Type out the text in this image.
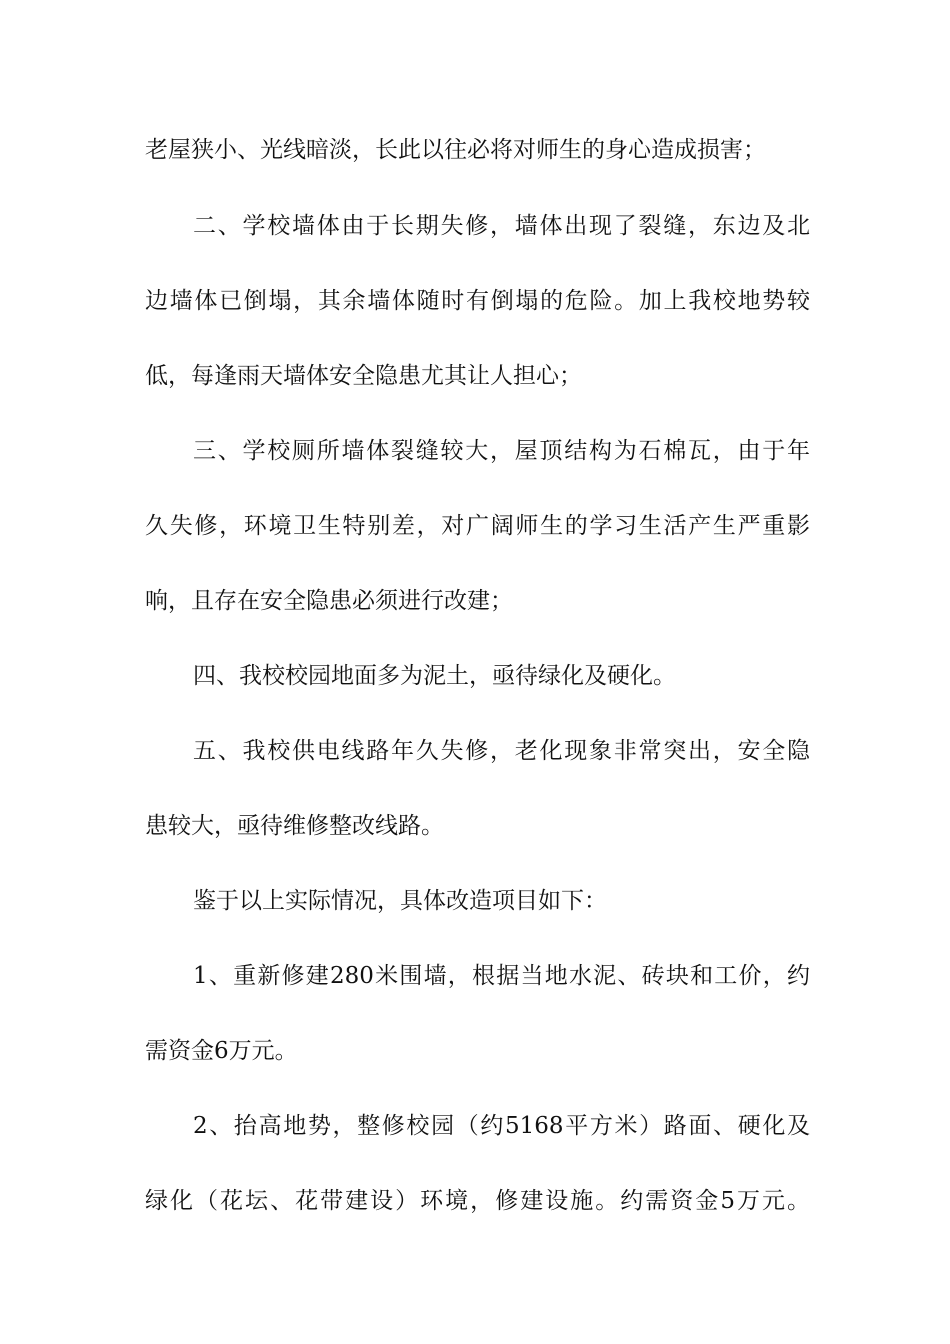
老屋狭小、光线暗淡，长此以往必将对师生的身心造成损害；

二、学校墙体由于长期失修，墙体出现了裂缝，东边及北

边墙体已倒塌，其余墙体随时有倒塌的危险。加上我校地势较

低，每逢雨天墙体安全隐患尤其让人担心；

三、学校厕所墙体裂缝较大，屋顶结构为石棉瓦，由于年

久失修，环境卫生特别差，对广阔师生的学习生活产生严重影

响，且存在安全隐患必须进行改建；

四、我校校园地面多为泥土，亟待绿化及硬化。

五、我校供电线路年久失修，老化现象非常突出，安全隐

患较大，亟待维修整改线路。

鉴于以上实际情况，具体改造项目如下：

1、重新修建280米围墙，根据当地水泥、砖块和工价，约

需资金6万元。

2、抬高地势，整修校园（约5168平方米）路面、硬化及

绿化（花坛、花带建设）环境，修建设施。约需资金5万元。
